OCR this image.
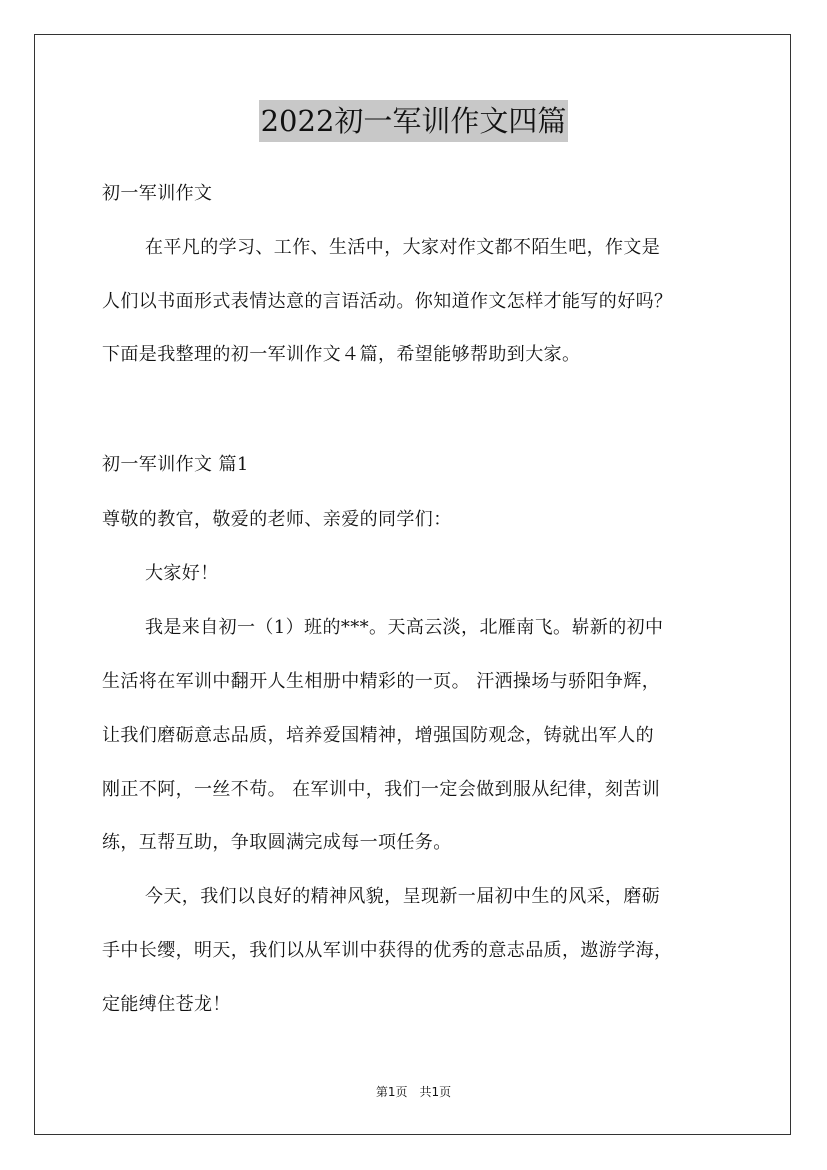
2022初一军训作文四篇
初一军训作文
在平凡的学习、工作、生活中，大家对作文都不陌生吧，作文是
人们以书面形式表情达意的言语活动。你知道作文怎样才能写的好吗？
下面是我整理的初一军训作文４篇，希望能够帮助到大家。
初一军训作文 篇1
尊敬的教官，敬爱的老师、亲爱的同学们：
大家好！
我是来自初一（1）班的***。天高云淡，北雁南飞。崭新的初中
生活将在军训中翻开人生相册中精彩的一页。 汗洒操场与骄阳争辉，
让我们磨砺意志品质，培养爱国精神，增强国防观念，铸就出军人的
刚正不阿，一丝不苟。 在军训中，我们一定会做到服从纪律，刻苦训
练，互帮互助，争取圆满完成每一项任务。
今天，我们以良好的精神风貌，呈现新一届初中生的风采，磨砺
手中长缨，明天，我们以从军训中获得的优秀的意志品质，遨游学海，
定能缚住苍龙！
第1页 共1页
